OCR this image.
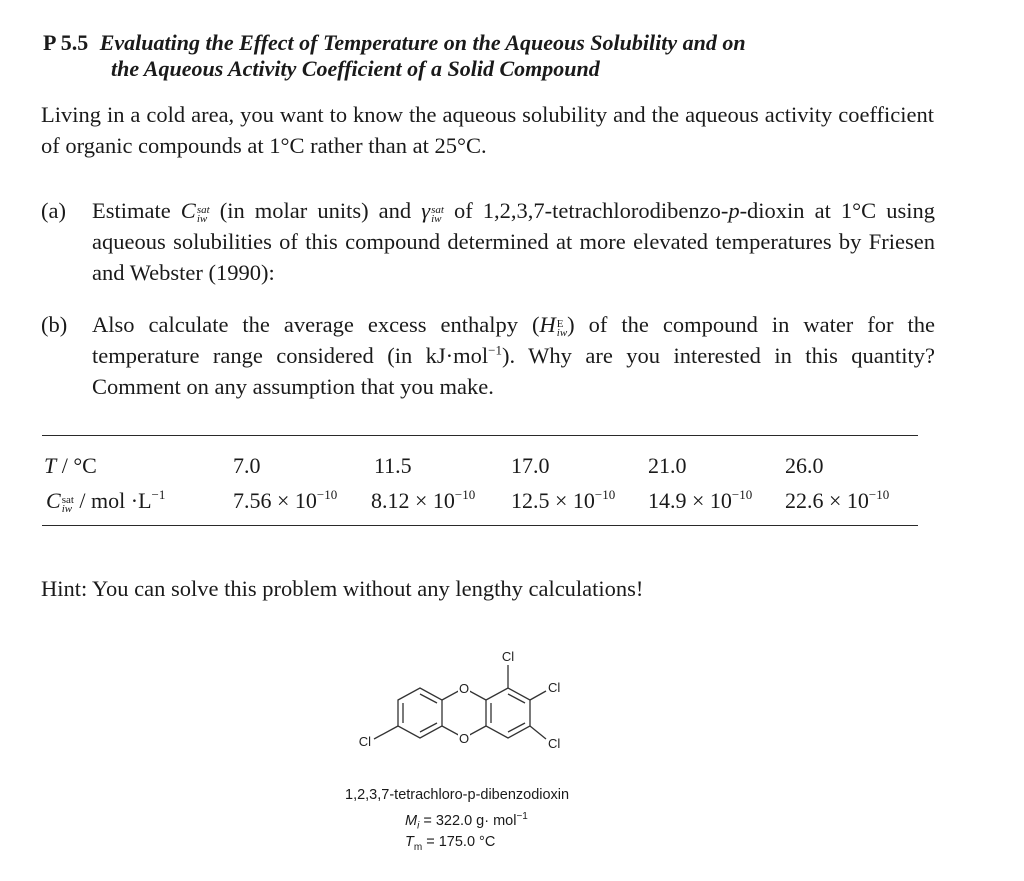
P 5.5 Evaluating the Effect of Temperature on the Aqueous Solubility and on
the Aqueous Activity Coefficient of a Solid Compound
Living in a cold area, you want to know the aqueous solubility and the aqueous activity coefficient of organic compounds at 1°C rather than at 25°C.
(a) Estimate C sat
iw (in molar units) and γ sat
iw of 1,2,3,7-tetrachlorodibenzo-p-dioxin at 1°C using aqueous solubilities of this compound determined at more elevated temperatures by Friesen and Webster (1990):
(b) Also calculate the average excess enthalpy (H E
iw ) of the compound in water for the temperature range considered (in kJ·mol$^{-1}$). Why are you interested in this quantity? Comment on any assumption that you make.
T / °C	7.0	11.5	17.0	21.0	26.0
C sat
iw / mol $\cdot L^{-1}$	$7.56 \times 10^{-10}$ $8.12 \times 10^{-10}$ $12.5 \times 10^{-10}$ $14.9 \times 10^{-10}$ $22.6 \times 10^{-10}$
Hint: You can solve this problem without any lengthy calculations!
O
O
Cl
Cl
Cl
Cl
1,2,3,7-tetrachloro-p-dibenzodioxin
$M_i = 322.0$ g· mol$^{-1}$
$T_m = 175.0$ °C
